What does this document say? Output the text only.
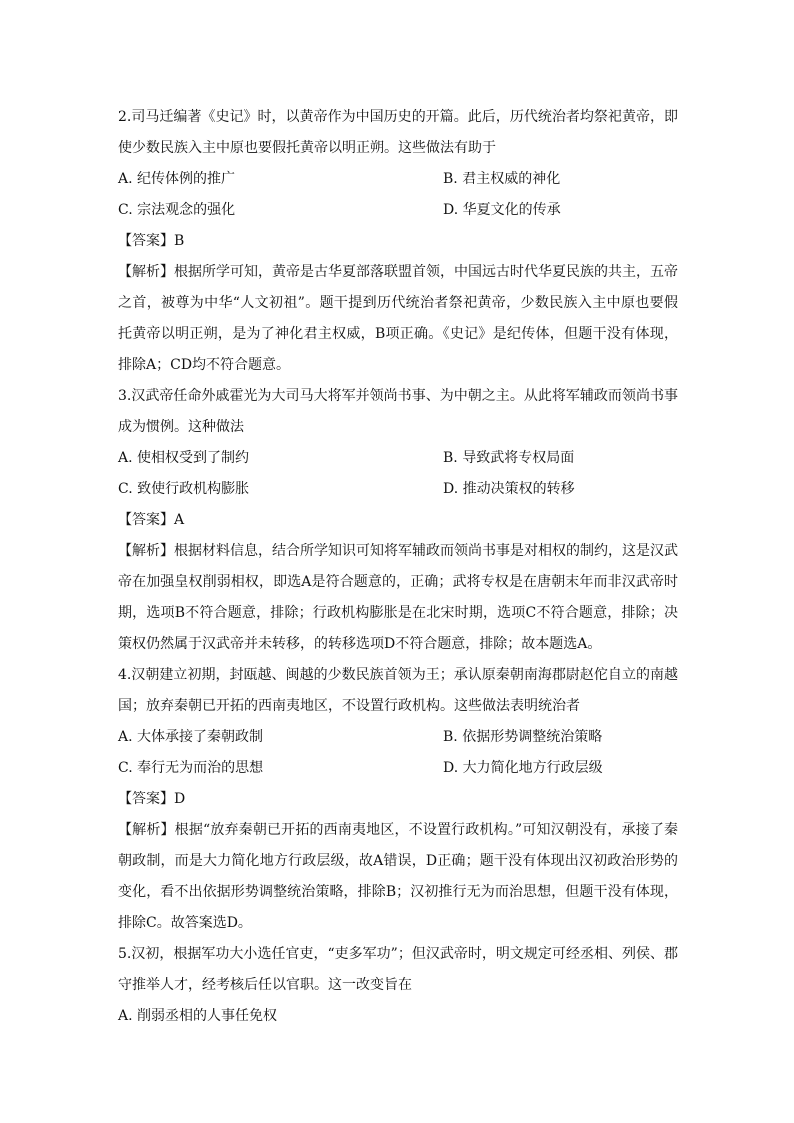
2.司马迁编著《史记》时，以黄帝作为中国历史的开篇。此后，历代统治者均祭祀黄帝，即使少数民族入主中原也要假托黄帝以明正朔。这些做法有助于

A. 纪传体例的推广	B. 君主权威的神化
C. 宗法观念的强化	D. 华夏文化的传承

【答案】B

【解析】根据所学可知，黄帝是古华夏部落联盟首领，中国远古时代华夏民族的共主，五帝之首，被尊为中华“人文初祖”。题干提到历代统治者祭祀黄帝，少数民族入主中原也要假托黄帝以明正朔，是为了神化君主权威，B项正确。《史记》是纪传体，但题干没有体现，排除A；CD均不符合题意。

3.汉武帝任命外戚霍光为大司马大将军并领尚书事、为中朝之主。从此将军辅政而领尚书事成为惯例。这种做法

A. 使相权受到了制约	B. 导致武将专权局面
C. 致使行政机构膨胀	D. 推动决策权的转移

【答案】A

【解析】根据材料信息，结合所学知识可知将军辅政而领尚书事是对相权的制约，这是汉武帝在加强皇权削弱相权，即选A是符合题意的，正确；武将专权是在唐朝末年而非汉武帝时期，选项B不符合题意，排除；行政机构膨胀是在北宋时期，选项C不符合题意，排除；决策权仍然属于汉武帝并未转移，的转移选项D不符合题意，排除；故本题选A。

4.汉朝建立初期，封瓯越、闽越的少数民族首领为王；承认原秦朝南海郡尉赵佗自立的南越国；放弃秦朝已开拓的西南夷地区，不设置行政机构。这些做法表明统治者

A. 大体承接了秦朝政制	B. 依据形势调整统治策略
C. 奉行无为而治的思想	D. 大力简化地方行政层级

【答案】D

【解析】根据“放弃秦朝已开拓的西南夷地区，不设置行政机构。”可知汉朝没有，承接了秦朝政制，而是大力简化地方行政层级，故A错误，D正确；题干没有体现出汉初政治形势的变化，看不出依据形势调整统治策略，排除B；汉初推行无为而治思想，但题干没有体现，排除C。故答案选D。

5.汉初，根据军功大小选任官吏，“吏多军功”；但汉武帝时，明文规定可经丞相、列侯、郡守推举人才，经考核后任以官职。这一改变旨在

A. 削弱丞相的人事任免权
